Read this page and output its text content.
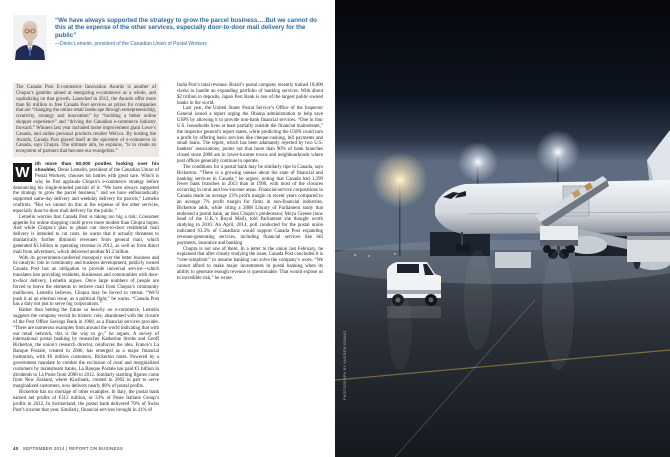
“We have always supported the strategy to grow the parcel business.…But we cannot do this at the expense of the other services, especially door-to-door mail delivery for the public”
—Denis Lemelin, president of the Canadian Union of Postal Workers

The Canada Post E-commerce Innovation Awards is another of Chopra’s gambits aimed at energizing e-commerce as a whole, and capitalizing on that growth. Launched in 2012, the Awards offer more than $1 million in free Canada Post services as prizes for companies that are “changing the online retail landscape through entrepreneurship, creativity, strategy and innovation” by “building a better online shopper experience” and “driving the Canadian e-commerce industry forward.” Winners last year included home improvement giant Lowe’s Canada, and online personal products retailer Well.ca. By hosting the Awards, Canada Post placed itself at the epicentre of e-commerce in Canada, says Chopra. The ultimate aim, he explains, “is to create an ecosystem of partners that become our evangelists.”

W	ith more than 50,000 postles looking over his shoulder, Denis Lemelin, president of the Canadian Union of Postal Workers, chooses his battles with great care. Which is why he first applauds Chopra’s e-commerce strategy before denouncing his single-minded pursuit of it. “We have always supported the strategy to grow the parcel business,” and we have enthusiastically supported same-day delivery and weekday delivery for parcels,” Lemelin confirms. “But we cannot do this at the expense of the other services, especially door-to-door mail delivery for the public.”

Lemelin worries that Canada Post is taking too big a risk: Consumer appetite for online shopping could prove more modest than Chopra hopes. And while Chopra’s plan to phase out door-to-door residential mail delivery is intended to cut costs, he warns that it actually threatens to dramatically further diminish revenues from general mail, which generated $3 billion in operating revenue in 2013, as well as from direct mail from advertisers, which delivered another $1.2 billion.

With its government-conferred monopoly over the letter business and its catalytic role in community and business development, publicly owned Canada Post has an obligation to provide universal service—which translates into providing residents, businesses and communities with door-to-door delivery, Lemelin argues. Once large numbers of people are forced to brave the elements to retrieve mail from Chopra’s community mailboxes, Lemelin believes, Chopra may be forced to retreat. “We’ll push it as an election issue, as a political fight,” he warns. “Canada Post has a duty not just to serve big corporations.”

Rather than betting the future so heavily on e-commerce, Lemelin suggests the company revisit its historic role, abandoned with the closure of the Post Office Savings Bank in 1968, as a financial services provider. “There are numerous examples from around the world indicating that with our retail network, this is the way to go,” he argues. A survey of international postal banking by researcher Katherine Strohs and Geoff Bickerton, the union’s research director, reinforces the idea. France’s La Banque Postale, created in 2006, has emerged as a major financial institution, with €6 million customers, Bickerton notes. Powered by a government mandate to combat the exclusion of rural and marginalized customers by mainstream banks, La Banque Postale has paid €1 billion in dividends to La Poste from 2008 to 2012. Similarly startling figures come from New Zealand, where Kiwibank, created in 2002 in part to serve marginalized customers, now delivers nearly 80% of postal profits.

Bickerton has no shortage of other examples. In Italy, the postal bank earned net profits of €312 million, or 33% of Poste Italiane Group’s profits in 2012. In Switzerland, the postal bank delivered 70% of Swiss Post’s income that year. Similarly, financial services brought in 41% of

India Post’s total revenue. Brazil’s postal company recently trained 18,000 clerks to handle an expanding portfolio of banking services. With about $2 trillion in deposits, Japan Post Bank is one of the largest public-owned banks in the world.

Last year, the United States Postal Service’s Office of the Inspector General issued a report urging the Obama administration to help save USPS by allowing it to provide non-bank financial services. “One in four U.S. households lives at least partially outside the financial mainstream,” the inspector general’s report states, while predicting the USPS could turn a profit by offering basic services like cheque-cashing, bill payments and small loans. The report, which has been adamantly rejected by two U.S. bankers’ associations, points out that more than 90% of bank branches closed since 2008 are in lower-income towns and neighbourhoods where post offices generally continue to operate.

The conditions for a postal bank may be similarly ripe in Canada, says Bickerton. “There is a growing unease about the state of financial and banking services in Canada,” he argues, noting that Canada had 1,299 fewer bank branches in 2013 than in 1990, with most of the closures occurring in rural and low-income areas. Financial-service corporations in Canada made an average 23% profit margin in recent years compared to an average 7% profit margin for firms in non-financial industries, Bickerton adds, while citing a 2008 Library of Parliament study that endorsed a postal bank, an idea Chopra’s predecessor, Moya Greene (now head of the U.K.’s Royal Mail), told Parliament she thought worth studying in 2010. An April, 2014, poll conducted for the postal union indicated 63.3% of Canadians would support Canada Post expanding revenue-generating services, including financial services like bill payments, insurance and banking.

Chopra is not one of them. In a letter to the union last February, he explained that after closely studying the issue, Canada Post concluded it is “over-simplistic” to assume banking can solve the company’s woes. “We cannot afford to make major investments in postal banking when its ability to generate enough revenue is questionable. That would expose us to incredible risk,” he wrote.

40 SEPTEMBER 2014 | REPORT ON BUSINESS
PHOTOGRAPH BY ANDREW ROWAT
